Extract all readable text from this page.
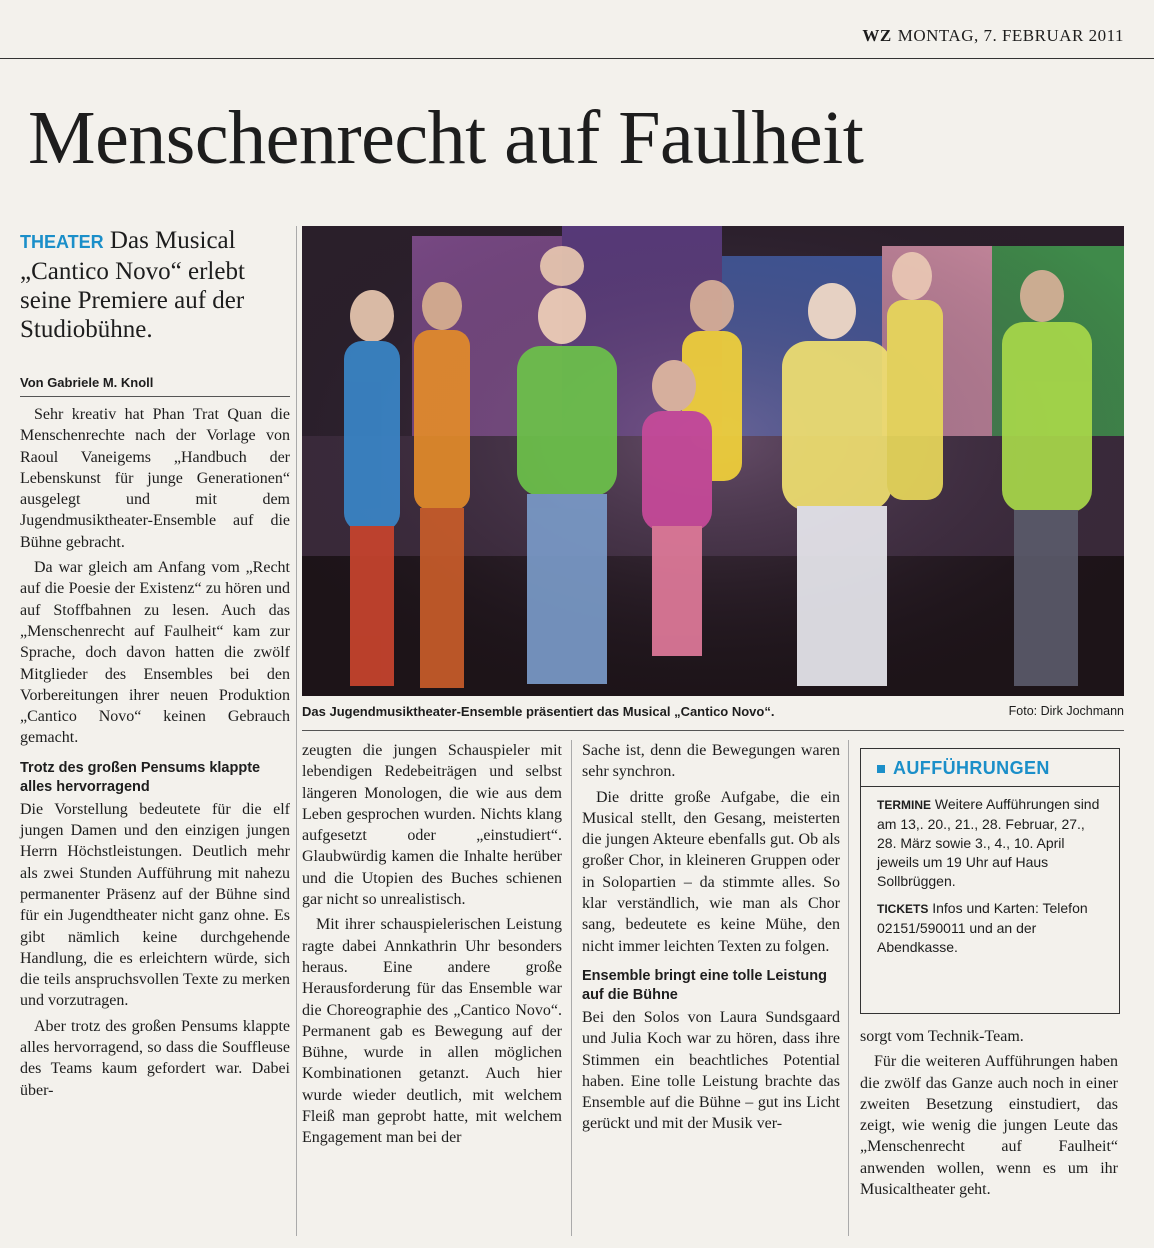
WZ MONTAG, 7. FEBRUAR 2011
Menschenrecht auf Faulheit
THEATER Das Musical „Cantico Novo“ erlebt seine Premiere auf der Studiobühne.
Von Gabriele M. Knoll

Sehr kreativ hat Phan Trat Quan die Menschenrechte nach der Vorlage von Raoul Vaneigems „Handbuch der Lebenskunst für junge Generationen“ ausgelegt und mit dem Jugendmusiktheater-Ensemble auf die Bühne gebracht.

Da war gleich am Anfang vom „Recht auf die Poesie der Existenz“ zu hören und auf Stoffbahnen zu lesen. Auch das „Menschenrecht auf Faulheit“ kam zur Sprache, doch davon hatten die zwölf Mitglieder des Ensembles bei den Vorbereitungen ihrer neuen Produktion „Cantico Novo“ keinen Gebrauch gemacht.

Trotz des großen Pensums klappte alles hervorragend

Die Vorstellung bedeutete für die elf jungen Damen und den einzigen jungen Herrn Höchstleistungen. Deutlich mehr als zwei Stunden Aufführung mit nahezu permanenter Präsenz auf der Bühne sind für ein Jugendtheater nicht ganz ohne. Es gibt nämlich keine durchgehende Handlung, die es erleichtern würde, sich die teils anspruchsvollen Texte zu merken und vorzutragen.

Aber trotz des großen Pensums klappte alles hervorragend, so dass die Souffleuse des Teams kaum gefordert war. Dabei über-

Das Jugendmusiktheater-Ensemble präsentiert das Musical „Cantico Novo“.	Foto: Dirk Jochmann

zeugten die jungen Schauspieler mit lebendigen Redebeiträgen und selbst längeren Monologen, die wie aus dem Leben gesprochen wurden. Nichts klang aufgesetzt oder „einstudiert“. Glaubwürdig kamen die Inhalte herüber und die Utopien des Buches schienen gar nicht so unrealistisch.

Mit ihrer schauspielerischen Leistung ragte dabei Annkathrin Uhr besonders heraus. Eine andere große Herausforderung für das Ensemble war die Choreographie des „Cantico Novo“. Permanent gab es Bewegung auf der Bühne, wurde in allen möglichen Kombinationen getanzt. Auch hier wurde wieder deutlich, mit welchem Fleiß man geprobt hatte, mit welchem Engagement man bei der

Sache ist, denn die Bewegungen waren sehr synchron.

Die dritte große Aufgabe, die ein Musical stellt, den Gesang, meisterten die jungen Akteure ebenfalls gut. Ob als großer Chor, in kleineren Gruppen oder in Solopartien – da stimmte alles. So klar verständlich, wie man als Chor sang, bedeutete es keine Mühe, den nicht immer leichten Texten zu folgen.

Ensemble bringt eine tolle Leistung auf die Bühne

Bei den Solos von Laura Sundsgaard und Julia Koch war zu hören, dass ihre Stimmen ein beachtliches Potential haben. Eine tolle Leistung brachte das Ensemble auf die Bühne – gut ins Licht gerückt und mit der Musik ver-

AUFFÜHRUNGEN

TERMINE Weitere Aufführungen sind am 13,. 20., 21., 28. Februar, 27., 28. März sowie 3., 4., 10. April jeweils um 19 Uhr auf Haus Sollbrüggen.

TICKETS Infos und Karten: Telefon 02151/590011 und an der Abendkasse.

sorgt vom Technik-Team.

Für die weiteren Aufführungen haben die zwölf das Ganze auch noch in einer zweiten Besetzung einstudiert, das zeigt, wie wenig die jungen Leute das „Menschenrecht auf Faulheit“ anwenden wollen, wenn es um ihr Musicaltheater geht.
